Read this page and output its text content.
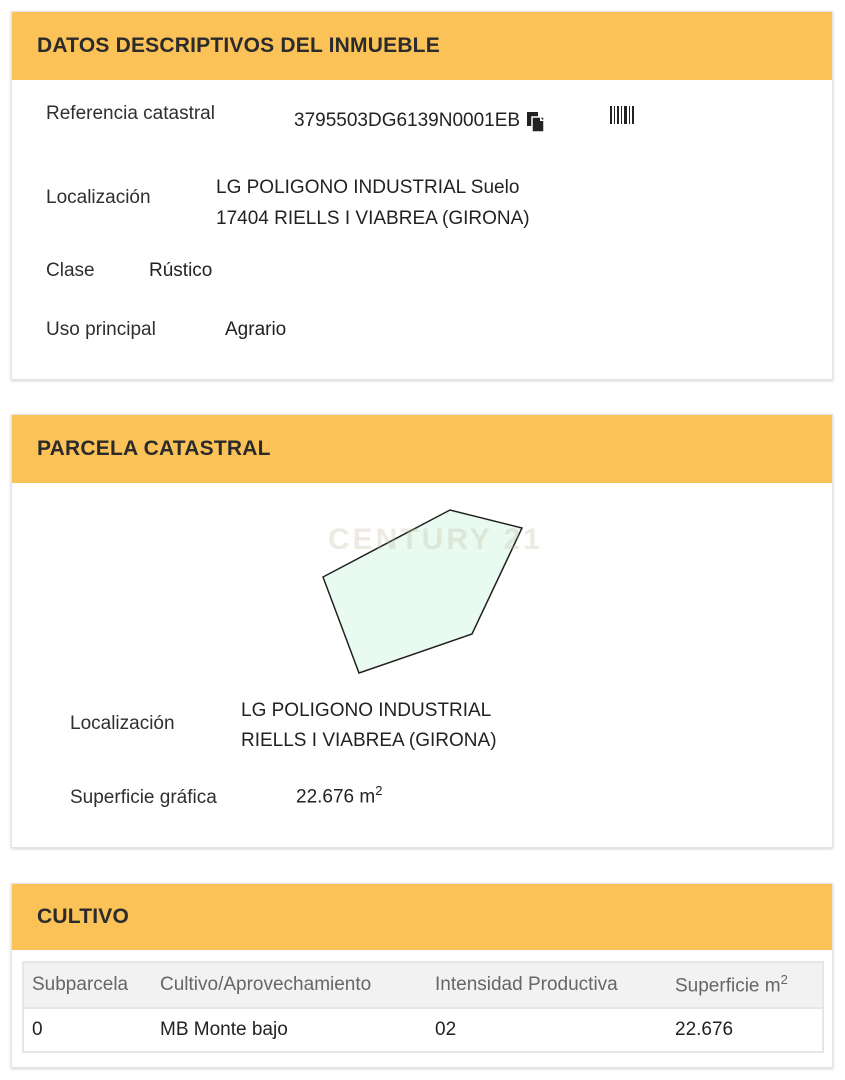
DATOS DESCRIPTIVOS DEL INMUEBLE
Referencia catastral	3795503DG6139N0001EB
Localización	LG POLIGONO INDUSTRIAL Suelo
17404 RIELLS I VIABREA (GIRONA)
Clase	Rústico
Uso principal	Agrario
PARCELA CATASTRAL
CENTURY 21
Localización
LG POLIGONO INDUSTRIAL
RIELLS I VIABREA (GIRONA)
Superficie gráfica	22.676 $m^2$
CULTIVO
Subparcela	Cultivo/Aprovechamiento	Intensidad Productiva	Superficie $m^2$
0	MB Monte bajo	02	22.676
